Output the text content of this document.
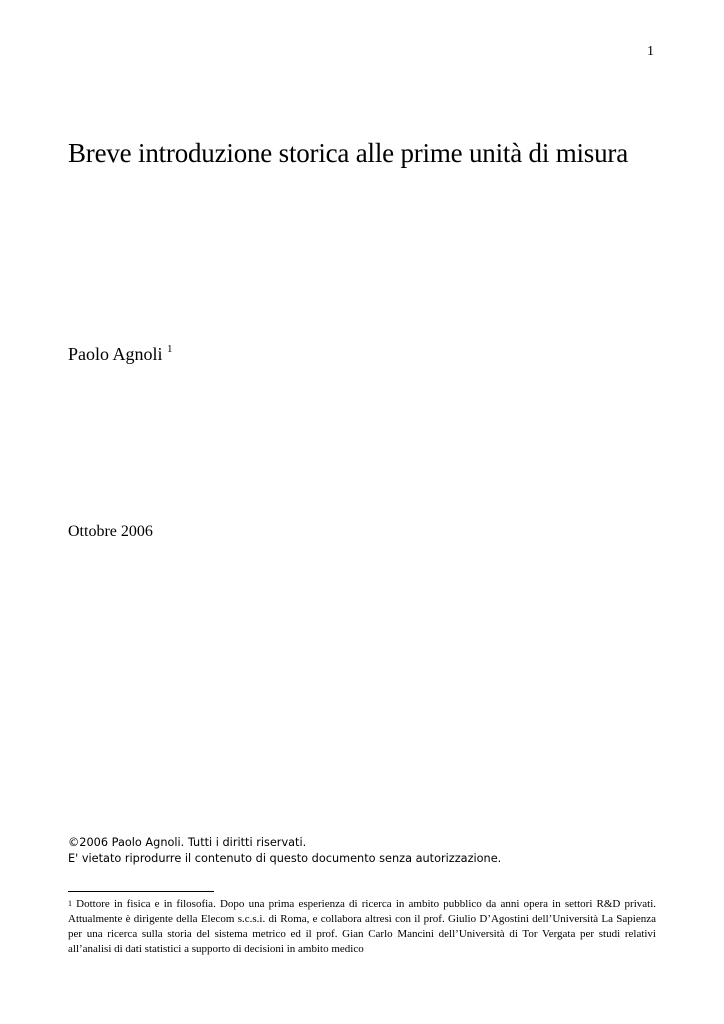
1
Breve introduzione storica alle prime unità di misura
Paolo Agnoli $^1$
Ottobre 2006
©2006 Paolo Agnoli. Tutti i diritti riservati.
E' vietato riprodurre il contenuto di questo documento senza autorizzazione.
$^1$ Dottore in fisica e in filosofia. Dopo una prima esperienza di ricerca in ambito pubblico da anni opera in settori R&D privati. Attualmente è dirigente della Elecom s.c.s.i. di Roma, e collabora altresì con il prof. Giulio D’Agostini dell’Università La Sapienza per una ricerca sulla storia del sistema metrico ed il prof. Gian Carlo Mancini dell’Università di Tor Vergata per studi relativi all’analisi di dati statistici a supporto di decisioni in ambito medico
